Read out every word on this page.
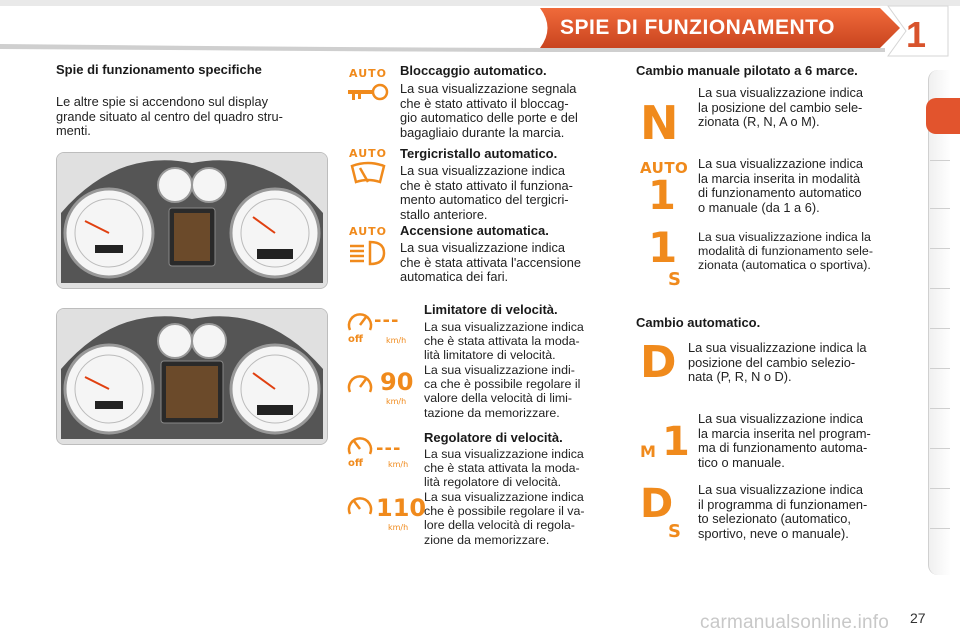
SPIE DI FUNZIONAMENTO	1
Spie di funzionamento specifiche
Le altre spie si accendono sul display
grande situato al centro del quadro stru-
menti.
AUTO Bloccaggio automatico.
La sua visualizzazione segnala
che è stato attivato il bloccag-
gio automatico delle porte e del
bagagliaio durante la marcia.
AUTO Tergicristallo automatico.
La sua visualizzazione indica
che è stato attivato il funziona-
mento automatico del tergicri-
stallo anteriore.
AUTO Accensione automatica.
La sua visualizzazione indica
che è stata attivata l'accensione
automatica dei fari.
---
off	km/h
90
km/h
Limitatore di velocità.
La sua visualizzazione indica
che è stata attivata la moda-
lità limitatore di velocità.
La sua visualizzazione indi-
ca che è possibile regolare il
valore della velocità di limi-
tazione da memorizzare.
---
off	km/h
110
km/h
Regolatore di velocità.
La sua visualizzazione indica
che è stata attivata la moda-
lità regolatore di velocità.
La sua visualizzazione indica
che è possibile regolare il va-
lore della velocità di regola-
zione da memorizzare.
Cambio manuale pilotato a 6 marce.
N
La sua visualizzazione indica
la posizione del cambio sele-
zionata (R, N, A o M).
AUTO
1
La sua visualizzazione indica
la marcia inserita in modalità
di funzionamento automatico
o manuale (da 1 a 6).
1
S
La sua visualizzazione indica la
modalità di funzionamento sele-
zionata (automatica o sportiva).
Cambio automatico.
D La sua visualizzazione indica la
posizione del cambio selezio-
nata (P, R, N o D).
M 1
La sua visualizzazione indica
la marcia inserita nel program-
ma di funzionamento automa-
tico o manuale.
D
S
La sua visualizzazione indica
il programma di funzionamen-
to selezionato (automatico,
sportivo, neve o manuale).
carmanualsonline.info 27
